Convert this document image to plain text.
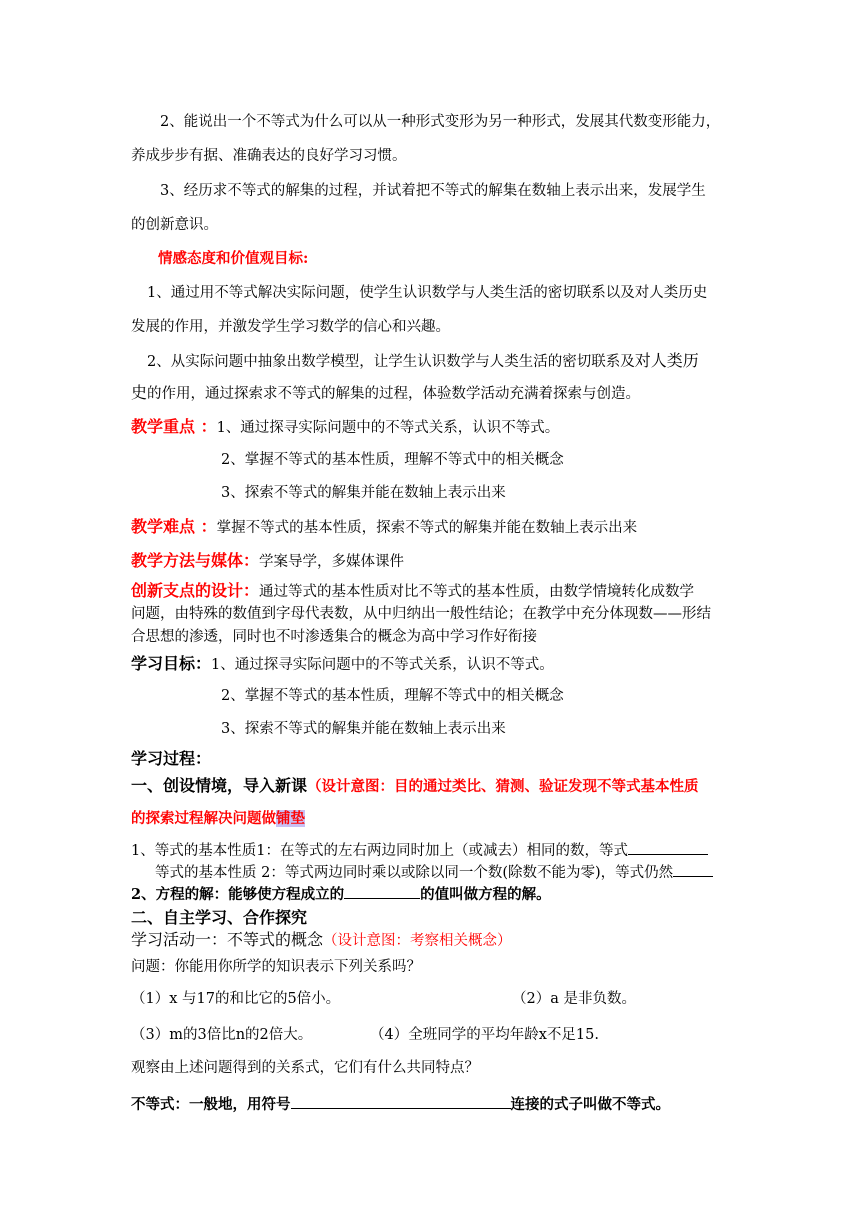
2、能说出一个不等式为什么可以从一种形式变形为另一种形式，发展其代数变形能力，
养成步步有据、准确表达的良好学习习惯。
3、经历求不等式的解集的过程，并试着把不等式的解集在数轴上表示出来，发展学生
的创新意识。
情感态度和价值观目标:
1、通过用不等式解决实际问题，使学生认识数学与人类生活的密切联系以及对人类历史
发展的作用，并激发学生学习数学的信心和兴趣。
2、从实际问题中抽象出数学模型，让学生认识数学与人类生活的密切联系及对人类历
史的作用，通过探索求不等式的解集的过程，体验数学活动充满着探索与创造。
教学重点 ：1、通过探寻实际问题中的不等式关系，认识不等式。
2、掌握不等式的基本性质，理解不等式中的相关概念
3、探索不等式的解集并能在数轴上表示出来
教学难点 ：掌握不等式的基本性质，探索不等式的解集并能在数轴上表示出来
教学方法与媒体：学案导学，多媒体课件
创新支点的设计：通过等式的基本性质对比不等式的基本性质，由数学情境转化成数学
问题，由特殊的数值到字母代表数，从中归纳出一般性结论；在教学中充分体现数——形结
合思想的渗透，同时也不吋渗透集合的概念为高中学习作好衔接
学习目标：1、通过探寻实际问题中的不等式关系，认识不等式。
2、掌握不等式的基本性质，理解不等式中的相关概念
3、探索不等式的解集并能在数轴上表示出来
学习过程：
一、创设情境，导入新课（设计意图：目的通过类比、猜测、验证发现不等式基本性质
的探索过程解决问题做铺垫
1、等式的基本性质1：在等式的左右两边同时加上（或减去）相同的数，等式
等式的基本性质 2：等式两边同时乘以或除以同一个数(除数不能为零)，等式仍然
2、方程的解：能够使方程成立的	的值叫做方程的解。
二、自主学习、合作探究
学习活动一：不等式的概念（设计意图：考察相关概念）
问题：你能用你所学的知识表示下列关系吗？
（1）x 与17的和比它的5倍小。	（2）a 是非负数。
（3）m的3倍比n的2倍大。	（4）全班同学的平均年龄x不足15.
观察由上述问题得到的关系式，它们有什么共同特点？
不等式：一般地，用符号	连接的式子叫做不等式。
